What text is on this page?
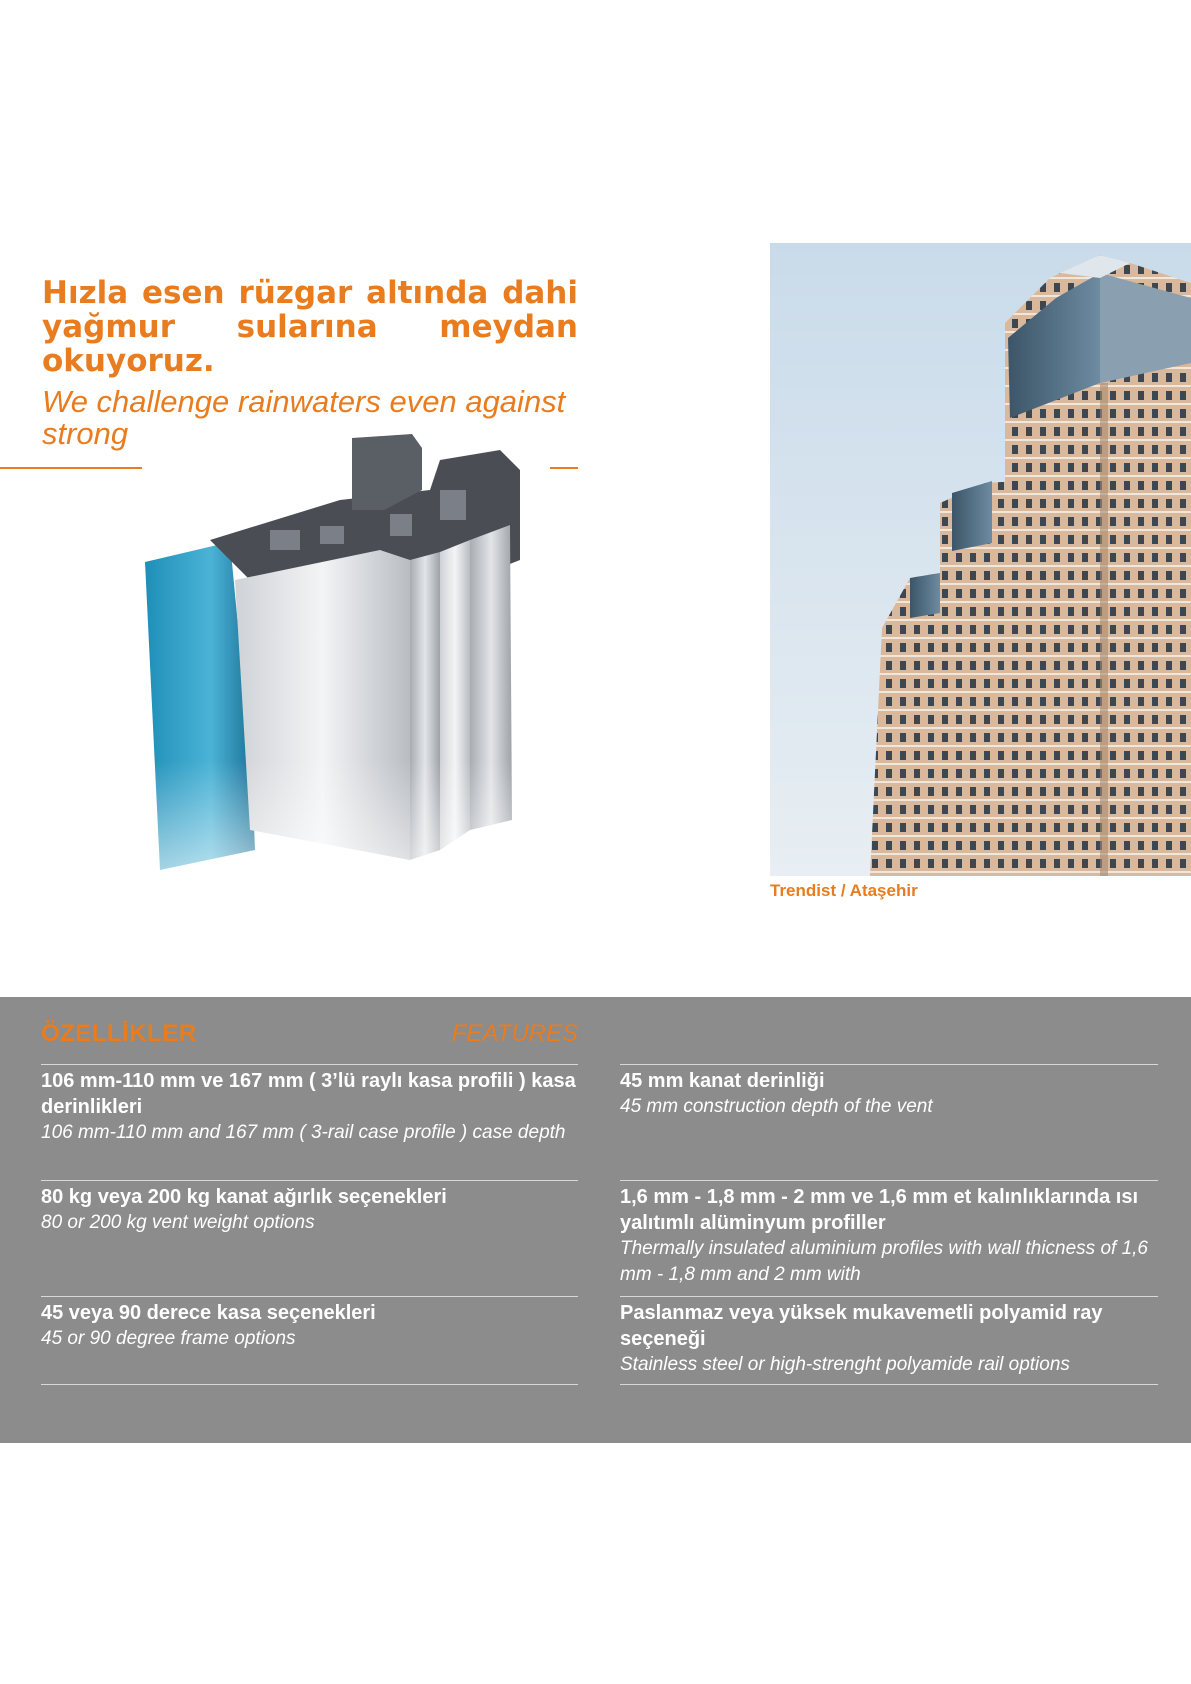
Hızla esen rüzgar altında dahi yağmur sularına meydan okuyoruz.
We challenge rainwaters even against strong
Trendist / Ataşehir
ÖZELLİKLER	FEATURES
106 mm-110 mm ve 167 mm ( 3’lü raylı kasa profili ) kasa derinlikleri
106 mm-110 mm and 167 mm ( 3-rail case profile ) case depth
80 kg veya 200 kg kanat ağırlık seçenekleri
80 or 200 kg vent weight options
45 veya 90 derece kasa seçenekleri
45 or 90 degree frame options
45 mm kanat derinliği
45 mm construction depth of the vent
1,6 mm - 1,8 mm - 2 mm ve 1,6 mm et kalınlıklarında ısı yalıtımlı alüminyum profiller
Thermally insulated aluminium profiles with wall thicness of 1,6 mm - 1,8 mm and 2 mm with
Paslanmaz veya yüksek mukavemetli polyamid ray seçeneği
Stainless steel or high-strenght polyamide rail options
